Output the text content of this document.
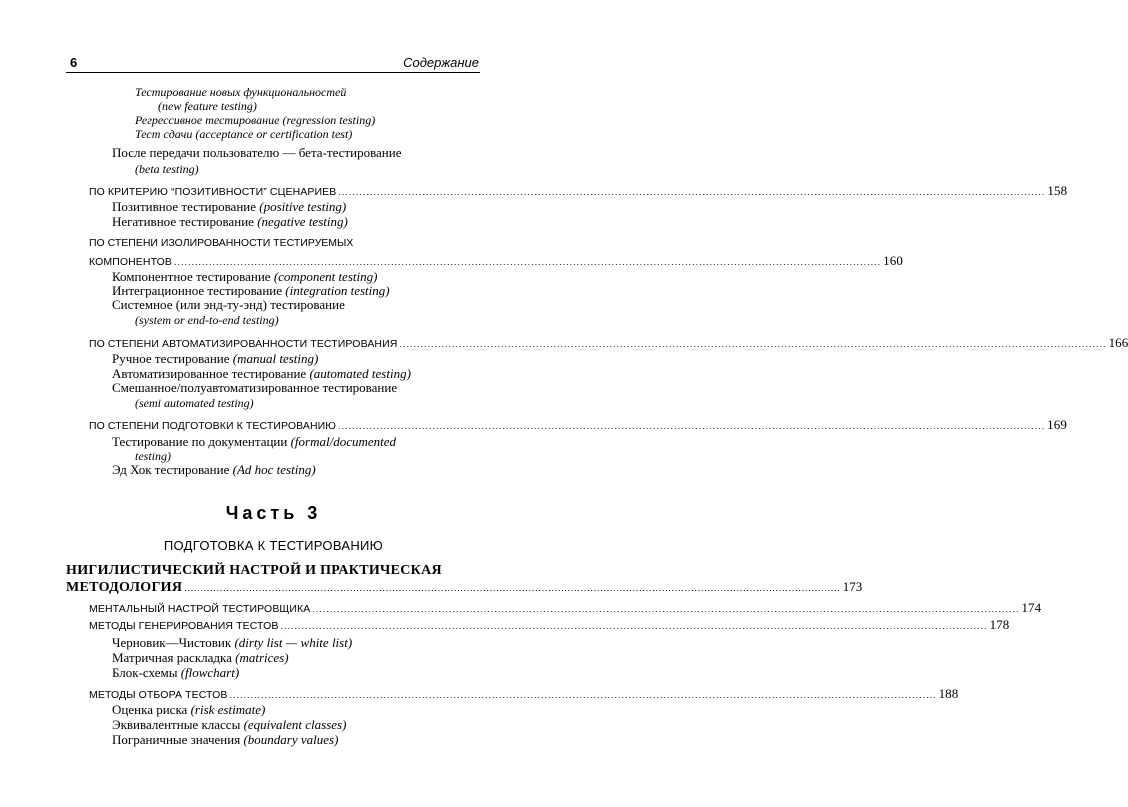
6	Содержание
Тестирование новых функциональностей
(new feature testing)
Регрессивное тестирование (regression testing)
Тест сдачи (acceptance or certification test)
После передачи пользователю — бета-тестирование
(beta testing)
ПО КРИТЕРИЮ “ПОЗИТИВНОСТИ” СЦЕНАРИЕВ .......................................................................................................................................................................................................... 158
Позитивное тестирование (positive testing)
Негативное тестирование (negative testing)
ПО СТЕПЕНИ ИЗОЛИРОВАННОСТИ ТЕСТИРУЕМЫХ
КОМПОНЕНТОВ .......................................................................................................................................................................................................... 160
Компонентное тестирование (component testing)
Интеграционное тестирование (integration testing)
Системное (или энд-ту-энд) тестирование
(system or end-to-end testing)
ПО СТЕПЕНИ АВТОМАТИЗИРОВАННОСТИ ТЕСТИРОВАНИЯ .......................................................................................................................................................................................................... 166
Ручное тестирование (manual testing)
Автоматизированное тестирование (automated testing)
Смешанное/полуавтоматизированное тестирование
(semi automated testing)
ПО СТЕПЕНИ ПОДГОТОВКИ К ТЕСТИРОВАНИЮ .......................................................................................................................................................................................................... 169
Тестирование по документации (formal/documented
testing)
Эд Хок тестирование (Ad hoc testing)
Часть 3
ПОДГОТОВКА К ТЕСТИРОВАНИЮ
НИГИЛИСТИЧЕСКИЙ НАСТРОЙ И ПРАКТИЧЕСКАЯ
МЕТОДОЛОГИЯ .......................................................................................................................................................................................................... 173
МЕНТАЛЬНЫЙ НАСТРОЙ ТЕСТИРОВЩИКА .......................................................................................................................................................................................................... 174
МЕТОДЫ ГЕНЕРИРОВАНИЯ ТЕСТОВ .......................................................................................................................................................................................................... 178
Черновик—Чистовик (dirty list — white list)
Матричная раскладка (matrices)
Блок-схемы (flowchart)
МЕТОДЫ ОТБОРА ТЕСТОВ .......................................................................................................................................................................................................... 188
Оценка риска (risk estimate)
Эквивалентные классы (equivalent classes)
Пограничные значения (boundary values)
